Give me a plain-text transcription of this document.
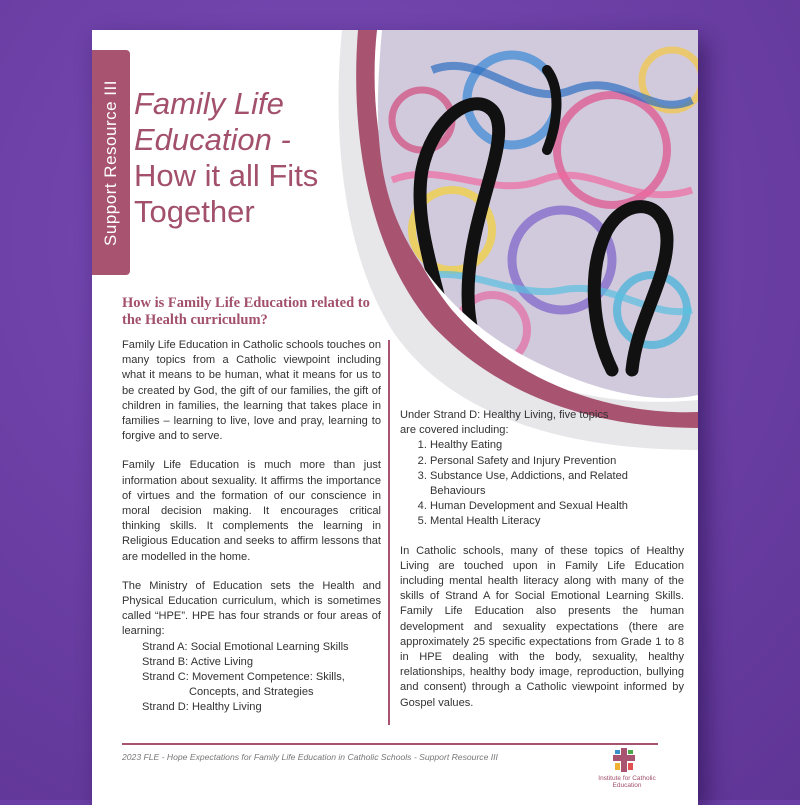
Support Resource III Family Life Education -
How it all Fits Together
How is Family Life Education related to the Health curriculum?

Family Life Education in Catholic schools touches on many topics from a Catholic viewpoint including what it means to be human, what it means for us to be created by God, the gift of our families, the gift of children in families, the learning that takes place in families – learning to live, love and pray, learning to forgive and to serve.

Family Life Education is much more than just information about sexuality. It affirms the importance of virtues and the formation of our conscience in moral decision making. It encourages critical thinking skills. It complements the learning in Religious Education and seeks to affirm lessons that are modelled in the home.

The Ministry of Education sets the Health and Physical Education curriculum, which is sometimes called “HPE”. HPE has four strands or four areas of learning:

Strand A: Social Emotional Learning Skills
Strand B: Active Living
Strand C: Movement Competence: Skills,
Concepts, and Strategies
Strand D: Healthy Living

Under Strand D: Healthy Living, five topics are covered including:

1. Healthy Eating
2. Personal Safety and Injury Prevention
3. Substance Use, Addictions, and Related Behaviours
4. Human Development and Sexual Health
5. Mental Health Literacy

In Catholic schools, many of these topics of Healthy Living are touched upon in Family Life Education including mental health literacy along with many of the skills of Strand A for Social Emotional Learning Skills. Family Life Education also presents the human development and sexuality expectations (there are approximately 25 specific expectations from Grade 1 to 8 in HPE dealing with the body, sexuality, healthy relationships, healthy body image, reproduction, bullying and consent) through a Catholic viewpoint informed by Gospel values.

2023 FLE - Hope Expectations for Family Life Education in Catholic Schools - Support Resource III
Institute for Catholic Education
